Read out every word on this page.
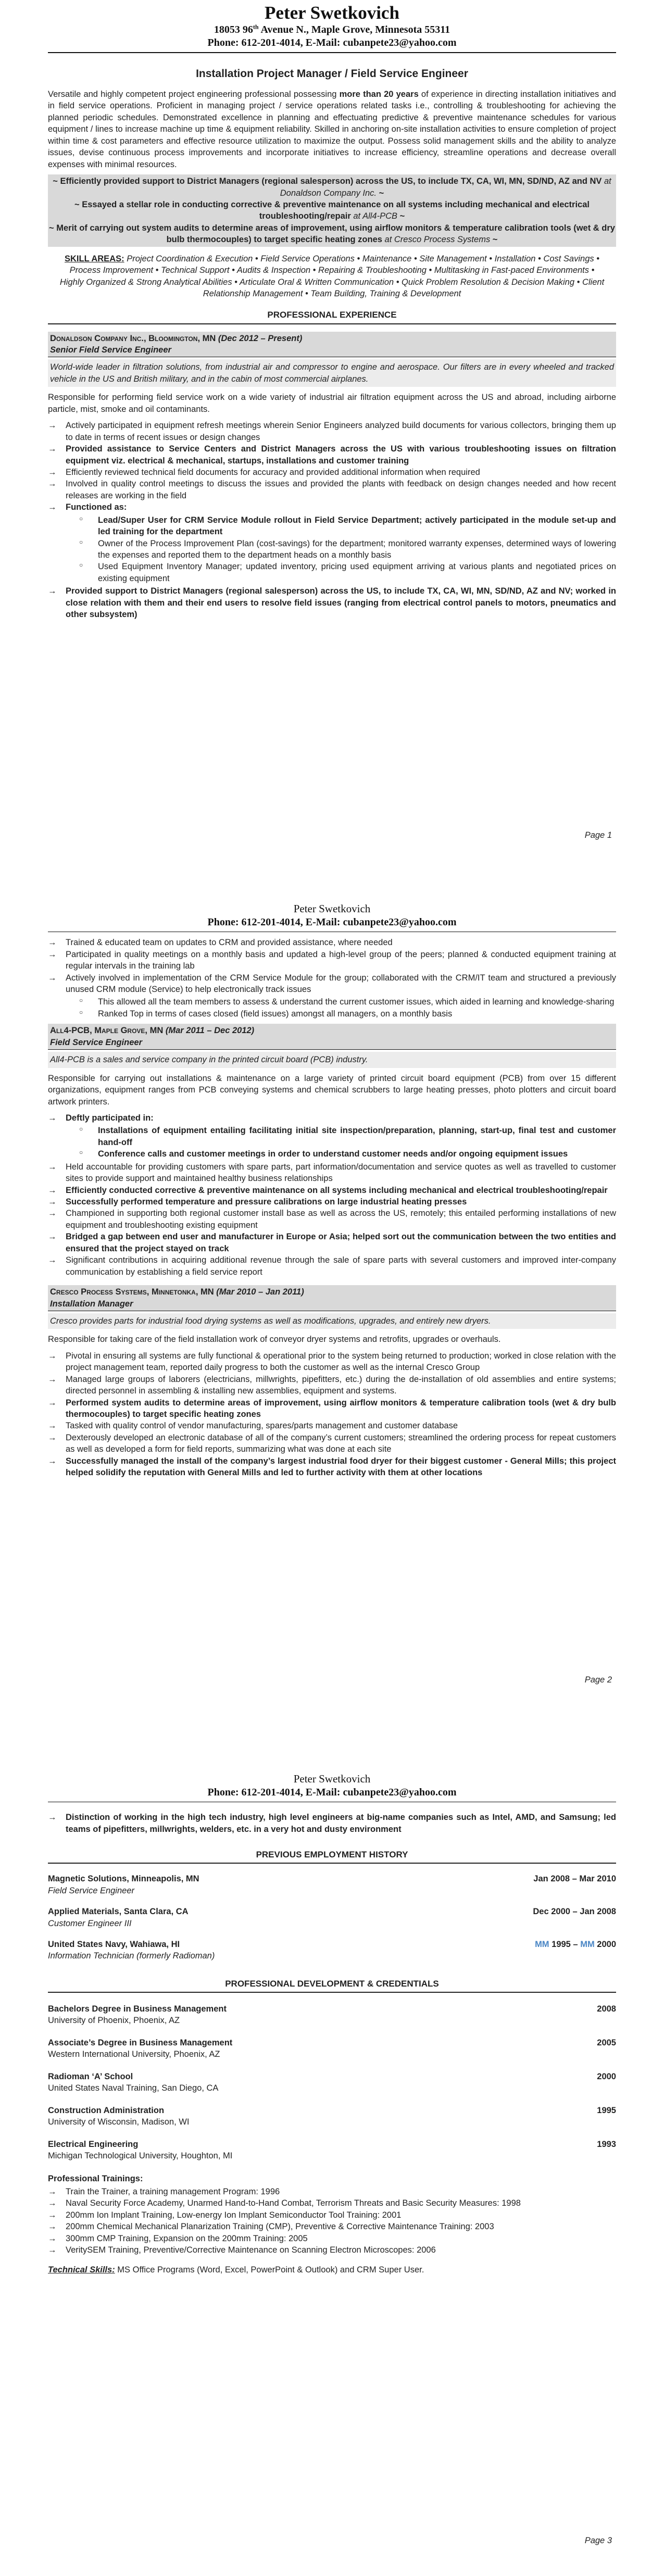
Peter Swetkovich
18053 96th Avenue N., Maple Grove, Minnesota 55311
Phone: 612-201-4014, E-Mail: cubanpete23@yahoo.com
Installation Project Manager / Field Service Engineer

Versatile and highly competent project engineering professional possessing more than 20 years of experience in directing installation initiatives and in field service operations. Proficient in managing project / service operations related tasks i.e., controlling & troubleshooting for achieving the planned periodic schedules. Demonstrated excellence in planning and effectuating predictive & preventive maintenance schedules for various equipment / lines to increase machine up time & equipment reliability. Skilled in anchoring on-site installation activities to ensure completion of project within time & cost parameters and effective resource utilization to maximize the output. Possess solid management skills and the ability to analyze issues, devise continuous process improvements and incorporate initiatives to increase efficiency, streamline operations and decrease overall expenses with minimal resources.

~ Efficiently provided support to District Managers (regional salesperson) across the US, to include TX, CA, WI, MN, SD/ND, AZ and NV at Donaldson Company Inc. ~
~ Essayed a stellar role in conducting corrective & preventive maintenance on all systems including mechanical and electrical troubleshooting/repair at All4-PCB ~
~ Merit of carrying out system audits to determine areas of improvement, using airflow monitors & temperature calibration tools (wet & dry bulb thermocouples) to target specific heating zones at Cresco Process Systems ~
SKILL AREAS: Project Coordination & Execution • Field Service Operations • Maintenance • Site Management • Installation • Cost Savings • Process Improvement • Technical Support • Audits & Inspection • Repairing & Troubleshooting • Multitasking in Fast-paced Environments • Highly Organized & Strong Analytical Abilities • Articulate Oral & Written Communication • Quick Problem Resolution & Decision Making • Client Relationship Management • Team Building, Training & Development
PROFESSIONAL EXPERIENCE
Donaldson Company Inc., Bloomington, MN (Dec 2012 – Present)
Senior Field Service Engineer
World-wide leader in filtration solutions, from industrial air and compressor to engine and aerospace. Our filters are in every wheeled and tracked vehicle in the US and British military, and in the cabin of most commercial airplanes.

Responsible for performing field service work on a wide variety of industrial air filtration equipment across the US and abroad, including airborne particle, mist, smoke and oil contaminants.

→ Actively participated in equipment refresh meetings wherein Senior Engineers analyzed build documents for various collectors, bringing them up to date in terms of recent issues or design changes
→ Provided assistance to Service Centers and District Managers across the US with various troubleshooting issues on filtration equipment viz. electrical & mechanical, startups, installations and customer training
→ Efficiently reviewed technical field documents for accuracy and provided additional information when required
→ Involved in quality control meetings to discuss the issues and provided the plants with feedback on design changes needed and how recent releases are working in the field
→ Functioned as:
○ Lead/Super User for CRM Service Module rollout in Field Service Department; actively participated in the module set-up and led training for the department
○ Owner of the Process Improvement Plan (cost-savings) for the department; monitored warranty expenses, determined ways of lowering the expenses and reported them to the department heads on a monthly basis
○ Used Equipment Inventory Manager; updated inventory, pricing used equipment arriving at various plants and negotiated prices on existing equipment
→ Provided support to District Managers (regional salesperson) across the US, to include TX, CA, WI, MN, SD/ND, AZ and NV; worked in close relation with them and their end users to resolve field issues (ranging from electrical control panels to motors, pneumatics and other subsystem)
Page 1
Peter Swetkovich
Phone: 612-201-4014, E-Mail: cubanpete23@yahoo.com
→ Trained & educated team on updates to CRM and provided assistance, where needed
→ Participated in quality meetings on a monthly basis and updated a high-level group of the peers; planned & conducted equipment training at regular intervals in the training lab
→ Actively involved in implementation of the CRM Service Module for the group; collaborated with the CRM/IT team and structured a previously unused CRM module (Service) to help electronically track issues
○ This allowed all the team members to assess & understand the current customer issues, which aided in learning and knowledge-sharing
○ Ranked Top in terms of cases closed (field issues) amongst all managers, on a monthly basis
All4-PCB, Maple Grove, MN (Mar 2011 – Dec 2012)
Field Service Engineer
All4-PCB is a sales and service company in the printed circuit board (PCB) industry.

Responsible for carrying out installations & maintenance on a large variety of printed circuit board equipment (PCB) from over 15 different organizations, equipment ranges from PCB conveying systems and chemical scrubbers to large heating presses, photo plotters and circuit board artwork printers.

→ Deftly participated in:
○ Installations of equipment entailing facilitating initial site inspection/preparation, planning, start-up, final test and customer hand-off
○ Conference calls and customer meetings in order to understand customer needs and/or ongoing equipment issues
→ Held accountable for providing customers with spare parts, part information/documentation and service quotes as well as travelled to customer sites to provide support and maintained healthy business relationships
→ Efficiently conducted corrective & preventive maintenance on all systems including mechanical and electrical troubleshooting/repair
→ Successfully performed temperature and pressure calibrations on large industrial heating presses
→ Championed in supporting both regional customer install base as well as across the US, remotely; this entailed performing installations of new equipment and troubleshooting existing equipment
→ Bridged a gap between end user and manufacturer in Europe or Asia; helped sort out the communication between the two entities and ensured that the project stayed on track
→ Significant contributions in acquiring additional revenue through the sale of spare parts with several customers and improved inter-company communication by establishing a field service report
Cresco Process Systems, Minnetonka, MN (Mar 2010 – Jan 2011)
Installation Manager
Cresco provides parts for industrial food drying systems as well as modifications, upgrades, and entirely new dryers.

Responsible for taking care of the field installation work of conveyor dryer systems and retrofits, upgrades or overhauls.

→ Pivotal in ensuring all systems are fully functional & operational prior to the system being returned to production; worked in close relation with the project management team, reported daily progress to both the customer as well as the internal Cresco Group
→ Managed large groups of laborers (electricians, millwrights, pipefitters, etc.) during the de-installation of old assemblies and entire systems; directed personnel in assembling & installing new assemblies, equipment and systems.
→ Performed system audits to determine areas of improvement, using airflow monitors & temperature calibration tools (wet & dry bulb thermocouples) to target specific heating zones
→ Tasked with quality control of vendor manufacturing, spares/parts management and customer database
→ Dexterously developed an electronic database of all of the company’s current customers; streamlined the ordering process for repeat customers as well as developed a form for field reports, summarizing what was done at each site
→ Successfully managed the install of the company’s largest industrial food dryer for their biggest customer - General Mills; this project helped solidify the reputation with General Mills and led to further activity with them at other locations
Page 2
Peter Swetkovich
Phone: 612-201-4014, E-Mail: cubanpete23@yahoo.com
→ Distinction of working in the high tech industry, high level engineers at big-name companies such as Intel, AMD, and Samsung; led teams of pipefitters, millwrights, welders, etc. in a very hot and dusty environment
PREVIOUS EMPLOYMENT HISTORY
Magnetic Solutions, Minneapolis, MN
Field Service Engineer
Jan 2008 – Mar 2010
Applied Materials, Santa Clara, CA
Customer Engineer III
Dec 2000 – Jan 2008
United States Navy, Wahiawa, HI
Information Technician (formerly Radioman)
MM 1995 – MM 2000
PROFESSIONAL DEVELOPMENT & CREDENTIALS
Bachelors Degree in Business Management
University of Phoenix, Phoenix, AZ
2008
Associate’s Degree in Business Management
Western International University, Phoenix, AZ
2005
Radioman ‘A’ School
United States Naval Training, San Diego, CA
2000
Construction Administration
University of Wisconsin, Madison, WI
1995
Electrical Engineering
Michigan Technological University, Houghton, MI
1993
Professional Trainings:
→ Train the Trainer, a training management Program: 1996
→ Naval Security Force Academy, Unarmed Hand-to-Hand Combat, Terrorism Threats and Basic Security Measures: 1998
→ 200mm Ion Implant Training, Low-energy Ion Implant Semiconductor Tool Training: 2001
→ 200mm Chemical Mechanical Planarization Training (CMP), Preventive & Corrective Maintenance Training: 2003
→ 300mm CMP Training, Expansion on the 200mm Training: 2005
→ VeritySEM Training, Preventive/Corrective Maintenance on Scanning Electron Microscopes: 2006
Technical Skills: MS Office Programs (Word, Excel, PowerPoint & Outlook) and CRM Super User.
Page 3
